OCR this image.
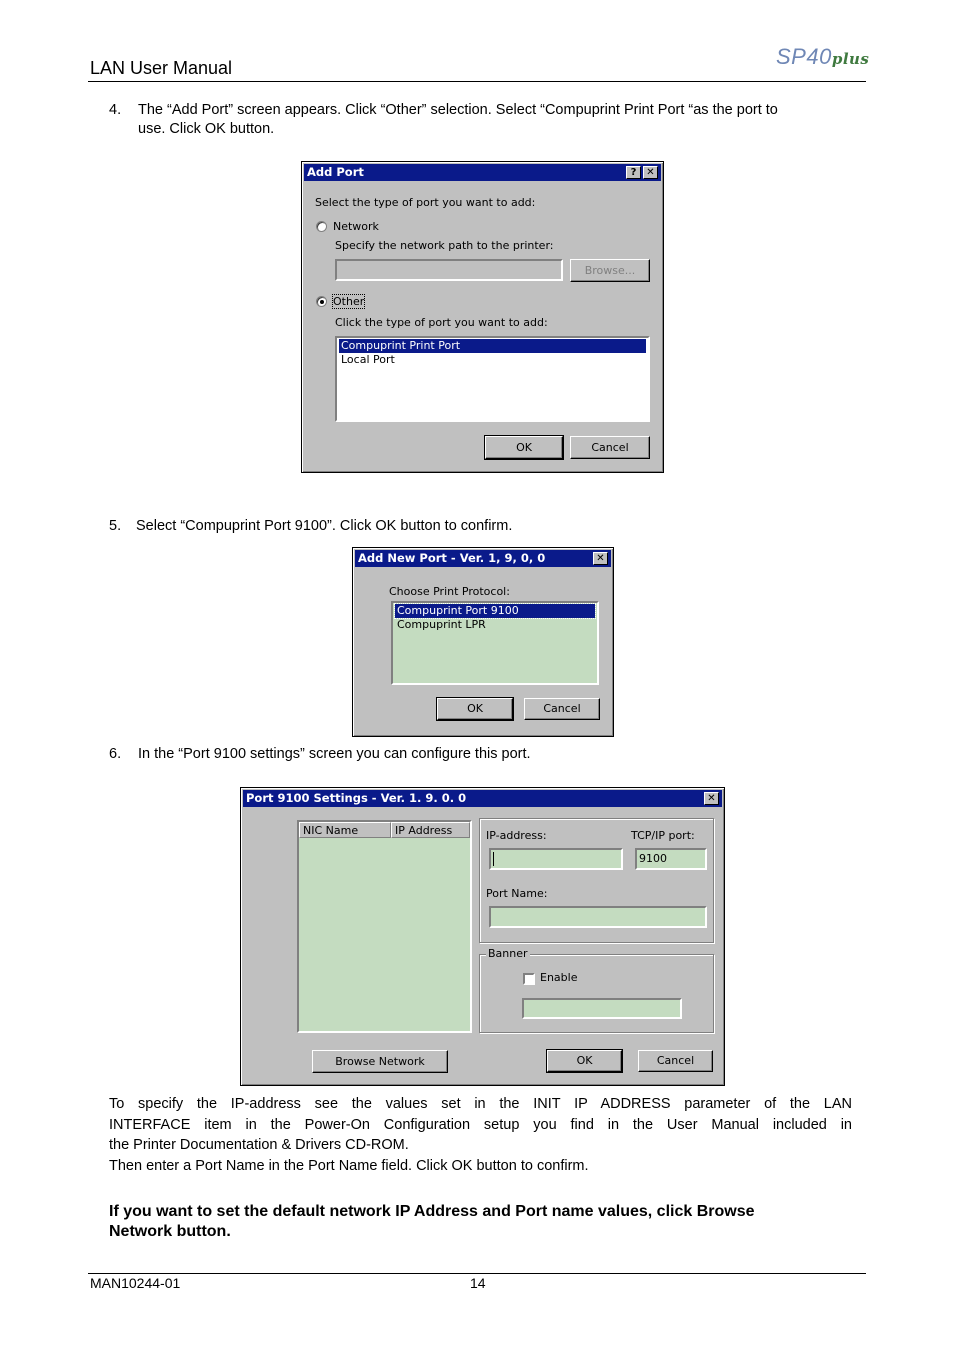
LAN User Manual	SP40plus
4. The “Add Port” screen appears. Click “Other” selection. Select “Compuprint Print Port “as the port to
use. Click OK button.
Add Port	? ✕
Select the type of port you want to add:
Network
Specify the network path to the printer:
Browse...
Other
Click the type of port you want to add:
Compuprint Print Port
Local Port
OK	Cancel
5.	Select “Compuprint Port 9100”. Click OK button to confirm.
Add New Port - Ver. 1, 9, 0, 0	✕
Choose Print Protocol:
Compuprint Port 9100
Compuprint LPR
OK	Cancel
6.	In the “Port 9100 settings” screen you can configure this port.
Port 9100 Settings - Ver. 1. 9. 0. 0	✕
NIC Name	IP Address	IP-address:	TCP/IP port:
9100
Port Name:
Banner
Enable
Browse Network	OK	Cancel
To specify the IP-address see the values set in the INIT IP ADDRESS parameter of the LAN
INTERFACE item in the Power-On Configuration setup you find in the User Manual included in
the Printer Documentation & Drivers CD-ROM.
Then enter a Port Name in the Port Name field. Click OK button to confirm.
If you want to set the default network IP Address and Port name values, click Browse
Network button.
MAN10244-01	14
